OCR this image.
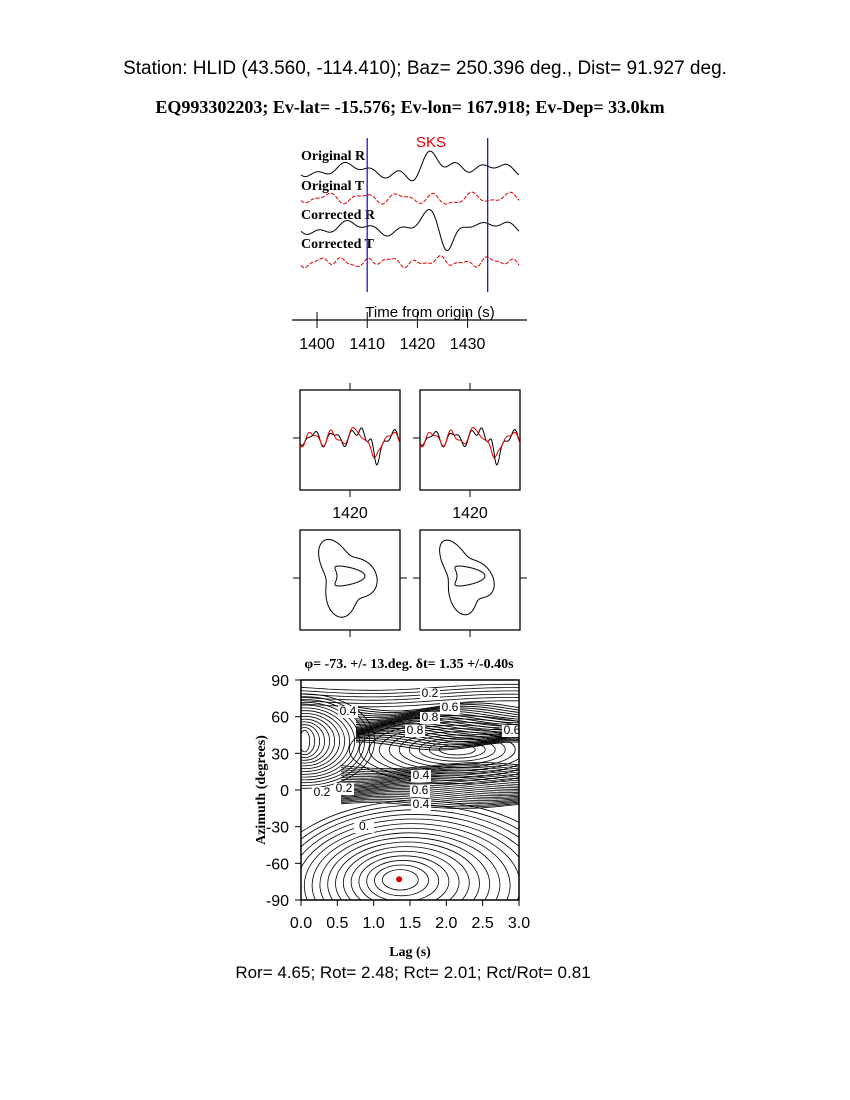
Station: HLID (43.560, -114.410); Baz= 250.396 deg., Dist= 91.927 deg.
EQ993302203; Ev-lat= -15.576; Ev-lon= 167.918; Ev-Dep= 33.0km
Original R
Original T
Corrected R
Corrected T
SKS
Time from origin (s)
1400 1410 1420 1430
1420	1420
0.2
0.4	0.6
0.8
0.8	0.6
0.4
0.6
0.4
0.2
0.2
0.
0.0 0.5 1.0 1.5 2.0 2.5 3.0
90
60
30
0
-30
-60
-90
φ= -73. +/- 13.deg. δt= 1.35 +/-0.40s
Lag (s)
Azimuth (degrees)
Ror= 4.65; Rot= 2.48; Rct= 2.01; Rct/Rot= 0.81
